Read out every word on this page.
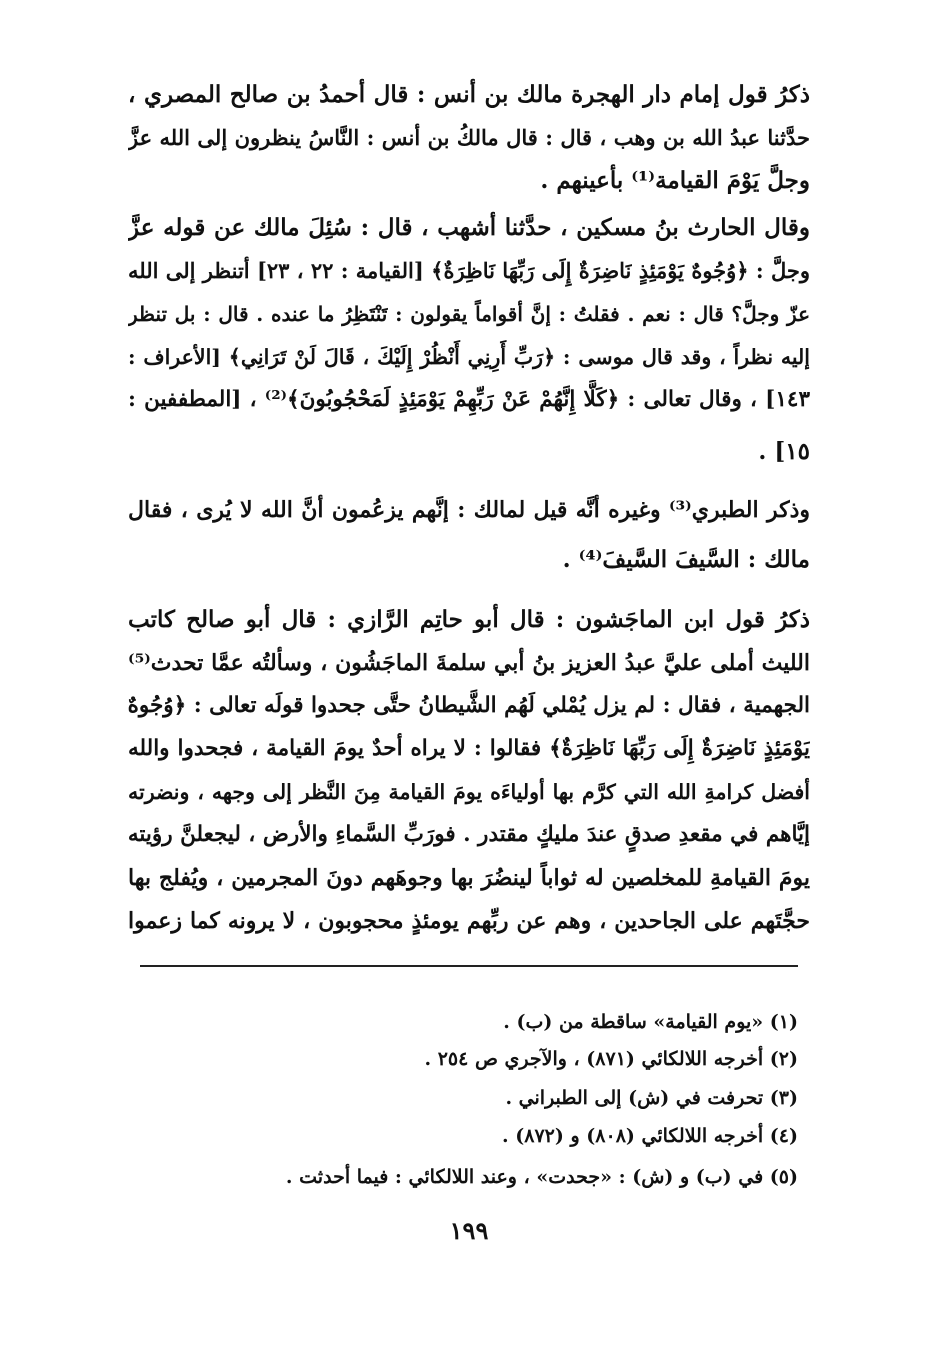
ذكرُ قول إمام دار الهجرة مالك بن أنس : قال أحمدُ بن صالح المصري ،
حدَّثنا عبدُ الله بن وهب ، قال : قال مالكُ بن أنس : النَّاسُ ينظرون إلى الله عزَّ
وجلَّ يَوْمَ القيامة⁽¹⁾ بأعينهم .
وقال الحارث بنُ مسكين ، حدَّثنا أشهب ، قال : سُئِلَ مالك عن قوله عزَّ
وجلَّ : ﴿وُجُوهٌ يَوْمَئِذٍ نَاضِرَةٌ إِلَى رَبِّهَا نَاظِرَةٌ﴾ [القيامة : ٢٢ ، ٢٣] أتنظر إلى الله
عزّ وجلَّ؟ قال : نعم . فقلتُ : إنَّ أقواماً يقولون : تَنْتَظِرُ ما عنده . قال : بل تنظر
إليه نظراً ، وقد قال موسى : ﴿رَبِّ أَرِنِي أَنْظُرْ إِلَيْكَ ، قَالَ لَنْ تَرَانِي﴾ [الأعراف :
١٤٣] ، وقال تعالى : ﴿كَلَّا إِنَّهُمْ عَنْ رَبِّهِمْ يَوْمَئِذٍ لَمَحْجُوبُونَ﴾⁽²⁾ ، [المطففين :
١٥] .
وذكر الطبري⁽³⁾ وغيره أنَّه قيل لمالك : إنَّهم يزعُمون أنَّ الله لا يُرى ، فقال
مالك : السَّيفَ السَّيفَ⁽⁴⁾ .
ذكرُ قول ابن الماجَشون : قال أبو حاتِم الرَّازي : قال أبو صالح كاتب
الليث أملى عليَّ عبدُ العزيز بنُ أبي سلمةَ الماجَشُون ، وسألتُه عمَّا تحدث⁽⁵⁾
الجهمية ، فقال : لم يزل يُمْلي لَهُم الشَّيطانُ حتَّى جحدوا قولَه تعالى : ﴿وُجُوهٌ
يَوْمَئِذٍ نَاضِرَةٌ إِلَى رَبِّهَا نَاظِرَةٌ﴾ فقالوا : لا يراه أحدٌ يومَ القيامة ، فجحدوا والله
أفضل كرامةِ الله التي كرَّم بها أولياءَه يومَ القيامة مِنَ النَّظر إلى وجهه ، ونضرته
إيَّاهم في مقعدِ صدقٍ عندَ مليكٍ مقتدر . فورَبِّ السَّماءِ والأرض ، ليجعلنَّ رؤيته
يومَ القيامةِ للمخلصين له ثواباً لينضُرَ بها وجوهَهم دونَ المجرمين ، ويُفلج بها
حجَّتَهم على الجاحدين ، وهم عن ربِّهم يومئذٍ محجوبون ، لا يرونه كما زعموا
(١) «يوم القيامة» ساقطة من (ب) .
(٢) أخرجه اللالكائي (٨٧١) ، والآجري ص ٢٥٤ .
(٣) تحرفت في (ش) إلى الطبراني .
(٤) أخرجه اللالكائي (٨٠٨) و (٨٧٢) .
(٥) في (ب) و (ش) : «جحدت» ، وعند اللالكائي : فيما أحدثت .
١٩٩
